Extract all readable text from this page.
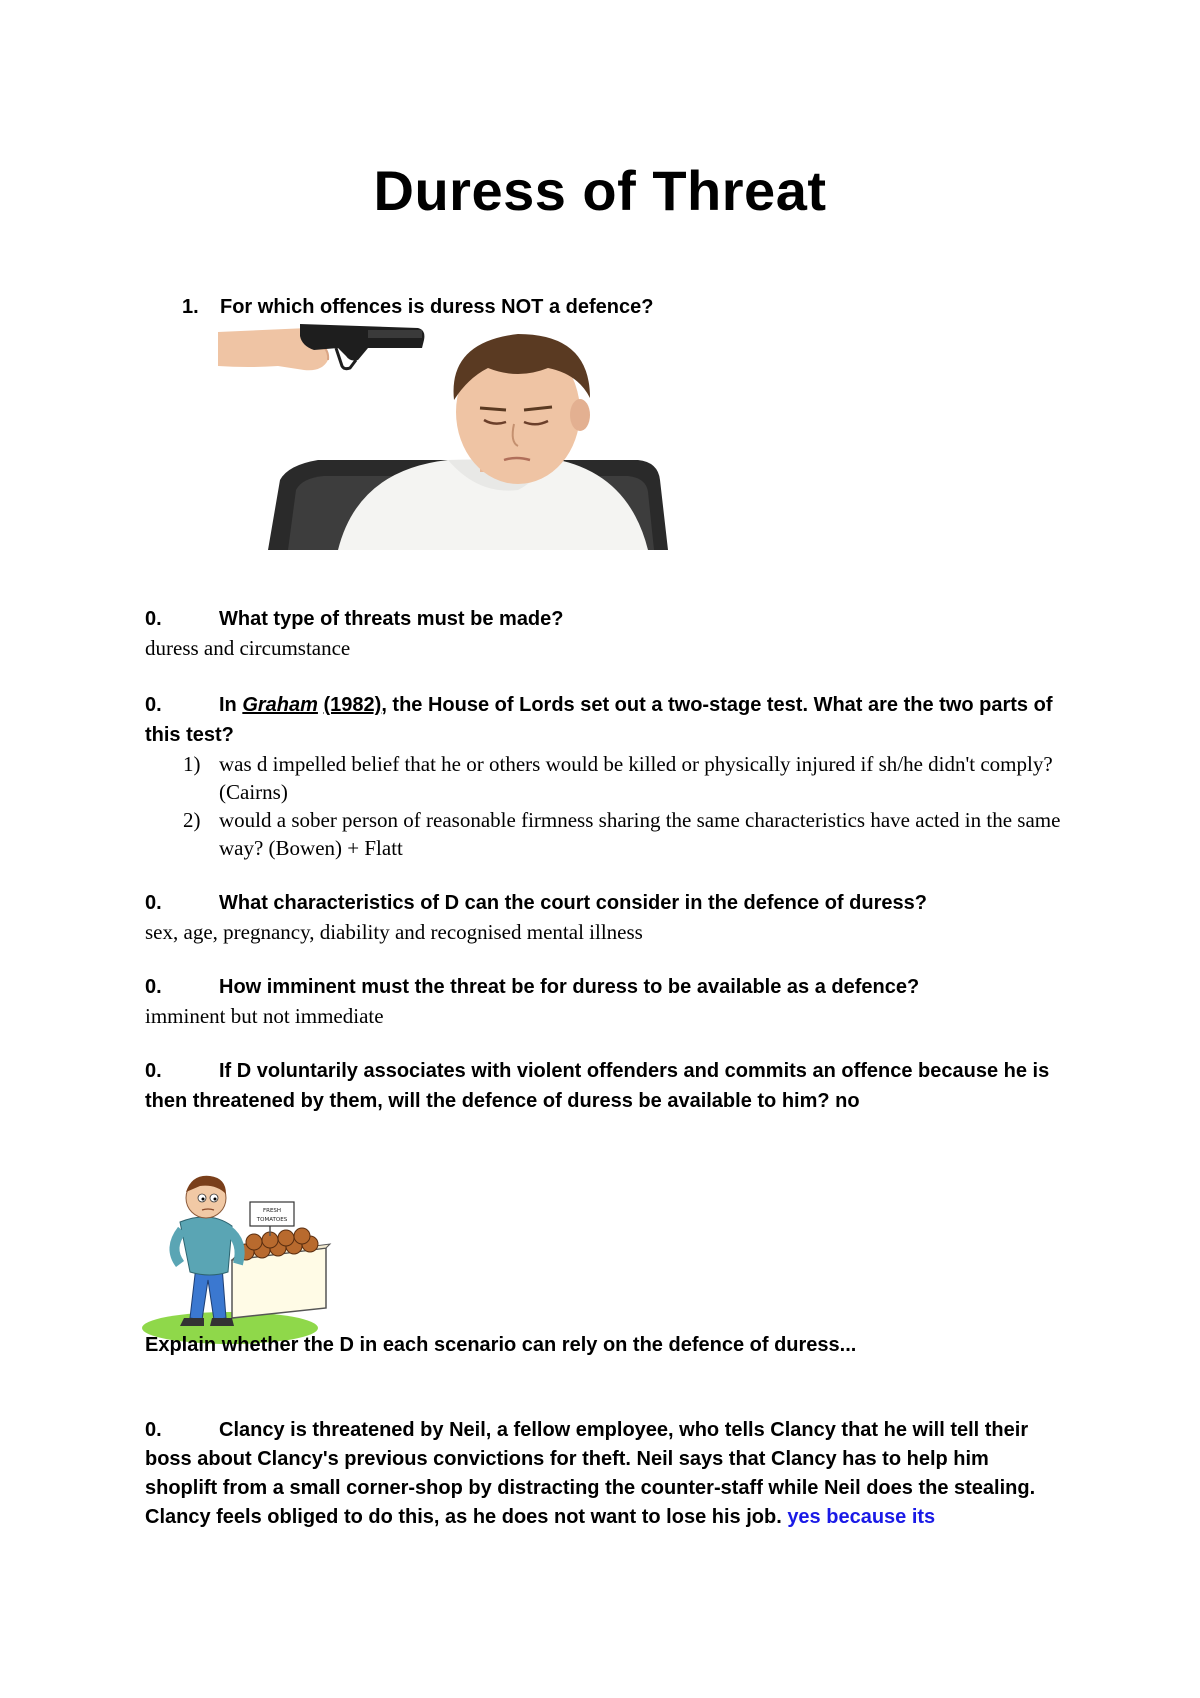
Duress of Threat
1. For which offences is duress NOT a defence?
0.	What type of threats must be made?
duress and circumstance
0.	In Graham (1982), the House of Lords set out a two-stage test. What are the two parts of this test?
1) was d impelled belief that he or others would be killed or physically injured if sh/he didn't comply? (Cairns)
2) would a sober person of reasonable firmness sharing the same characteristics have acted in the same way? (Bowen) + Flatt
0.	What characteristics of D can the court consider in the defence of duress?
sex, age, pregnancy, diability and recognised mental illness
0.	How imminent must the threat be for duress to be available as a defence?
imminent but not immediate
0.	If D voluntarily associates with violent offenders and commits an offence because he is then threatened by them, will the defence of duress be available to him? no
FRESH
TOMATOES
Explain whether the D in each scenario can rely on the defence of duress...
0.	Clancy is threatened by Neil, a fellow employee, who tells Clancy that he will tell their boss about Clancy's previous convictions for theft. Neil says that Clancy has to help him shoplift from a small corner-shop by distracting the counter-staff while Neil does the stealing. Clancy feels obliged to do this, as he does not want to lose his job. yes because its
